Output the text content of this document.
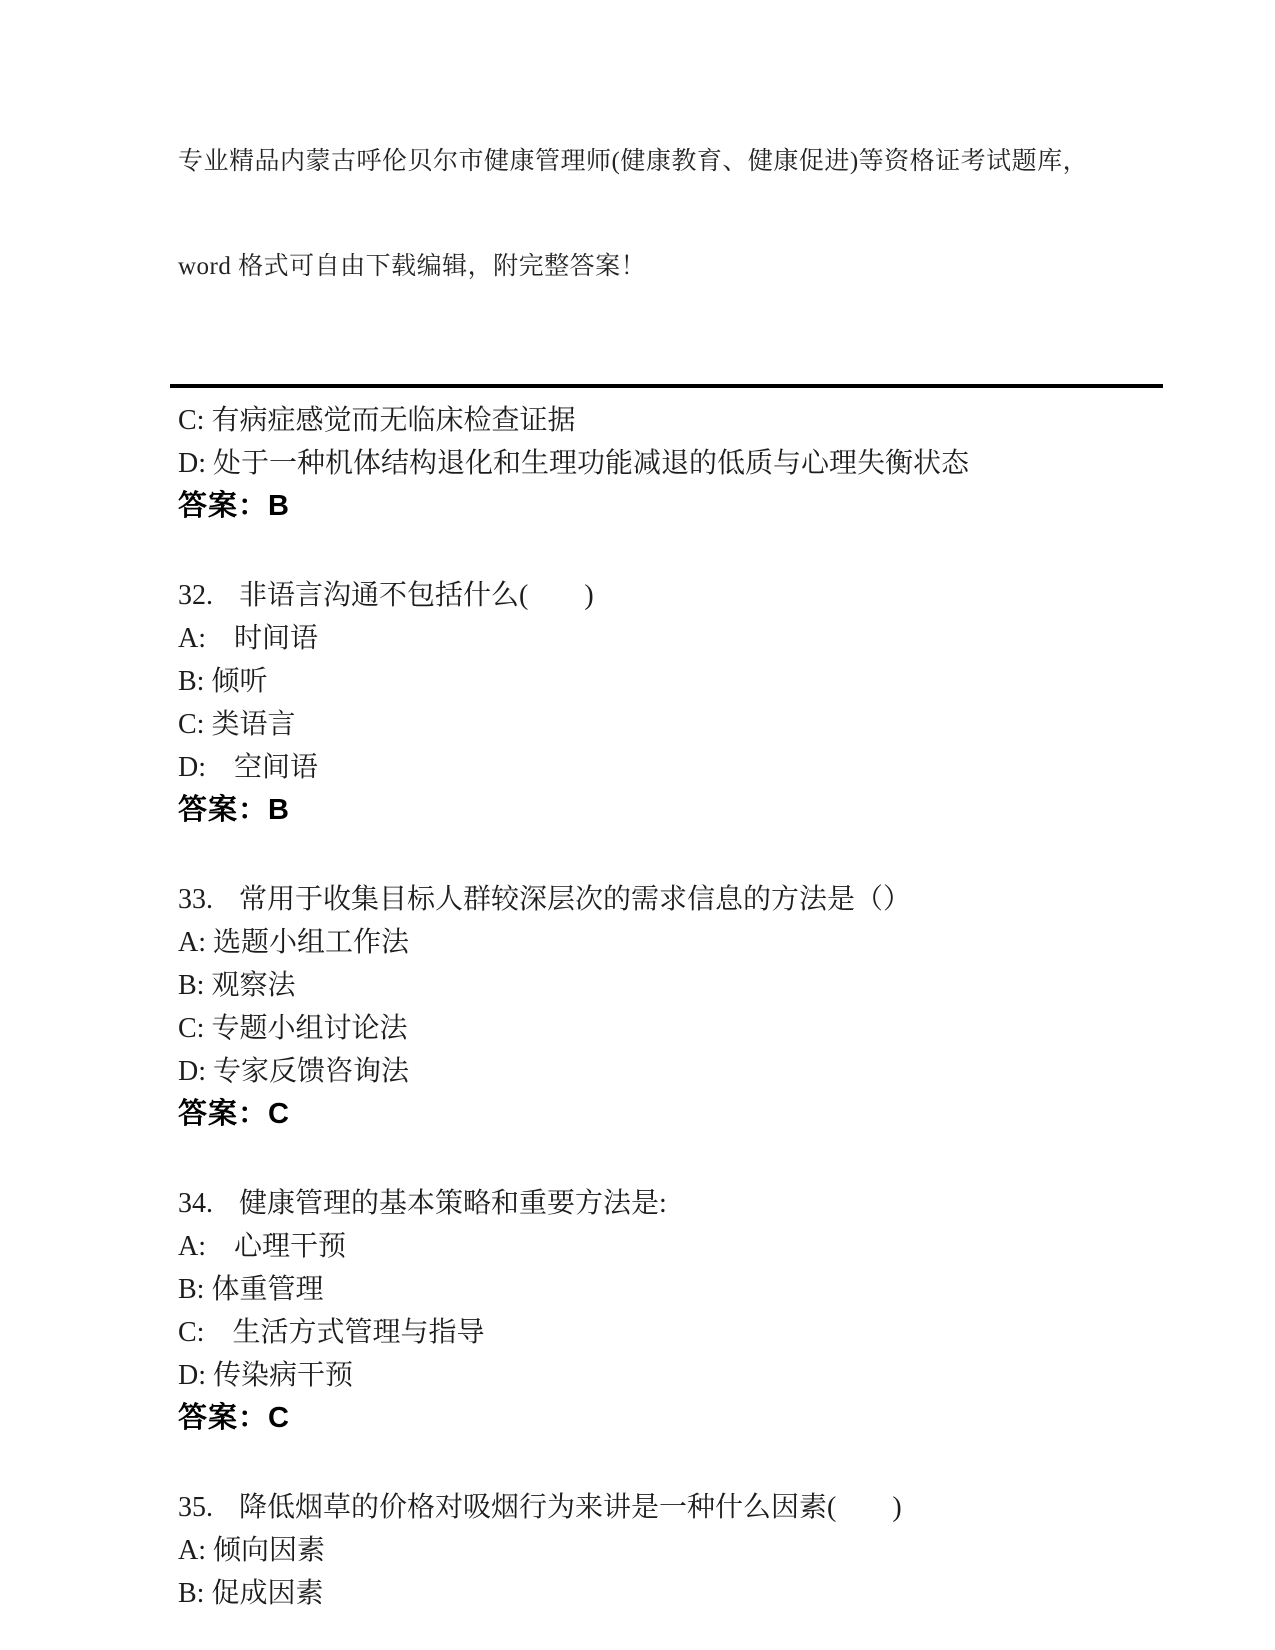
专业精品内蒙古呼伦贝尔市健康管理师(健康教育、健康促进)等资格证考试题库，

word 格式可自由下载编辑，附完整答案！

C: 有病症感觉而无临床检查证据
D: 处于一种机体结构退化和生理功能减退的低质与心理失衡状态
答案：B
32. 非语言沟通不包括什么(　　)
A:　时间语
B: 倾听
C: 类语言
D:　空间语
答案：B
33. 常用于收集目标人群较深层次的需求信息的方法是（）
A: 选题小组工作法
B: 观察法
C: 专题小组讨论法
D: 专家反馈咨询法
答案：C
34. 健康管理的基本策略和重要方法是:
A:　心理干预
B: 体重管理
C:　生活方式管理与指导
D: 传染病干预
答案：C
35. 降低烟草的价格对吸烟行为来讲是一种什么因素(　　)
A: 倾向因素
B: 促成因素
